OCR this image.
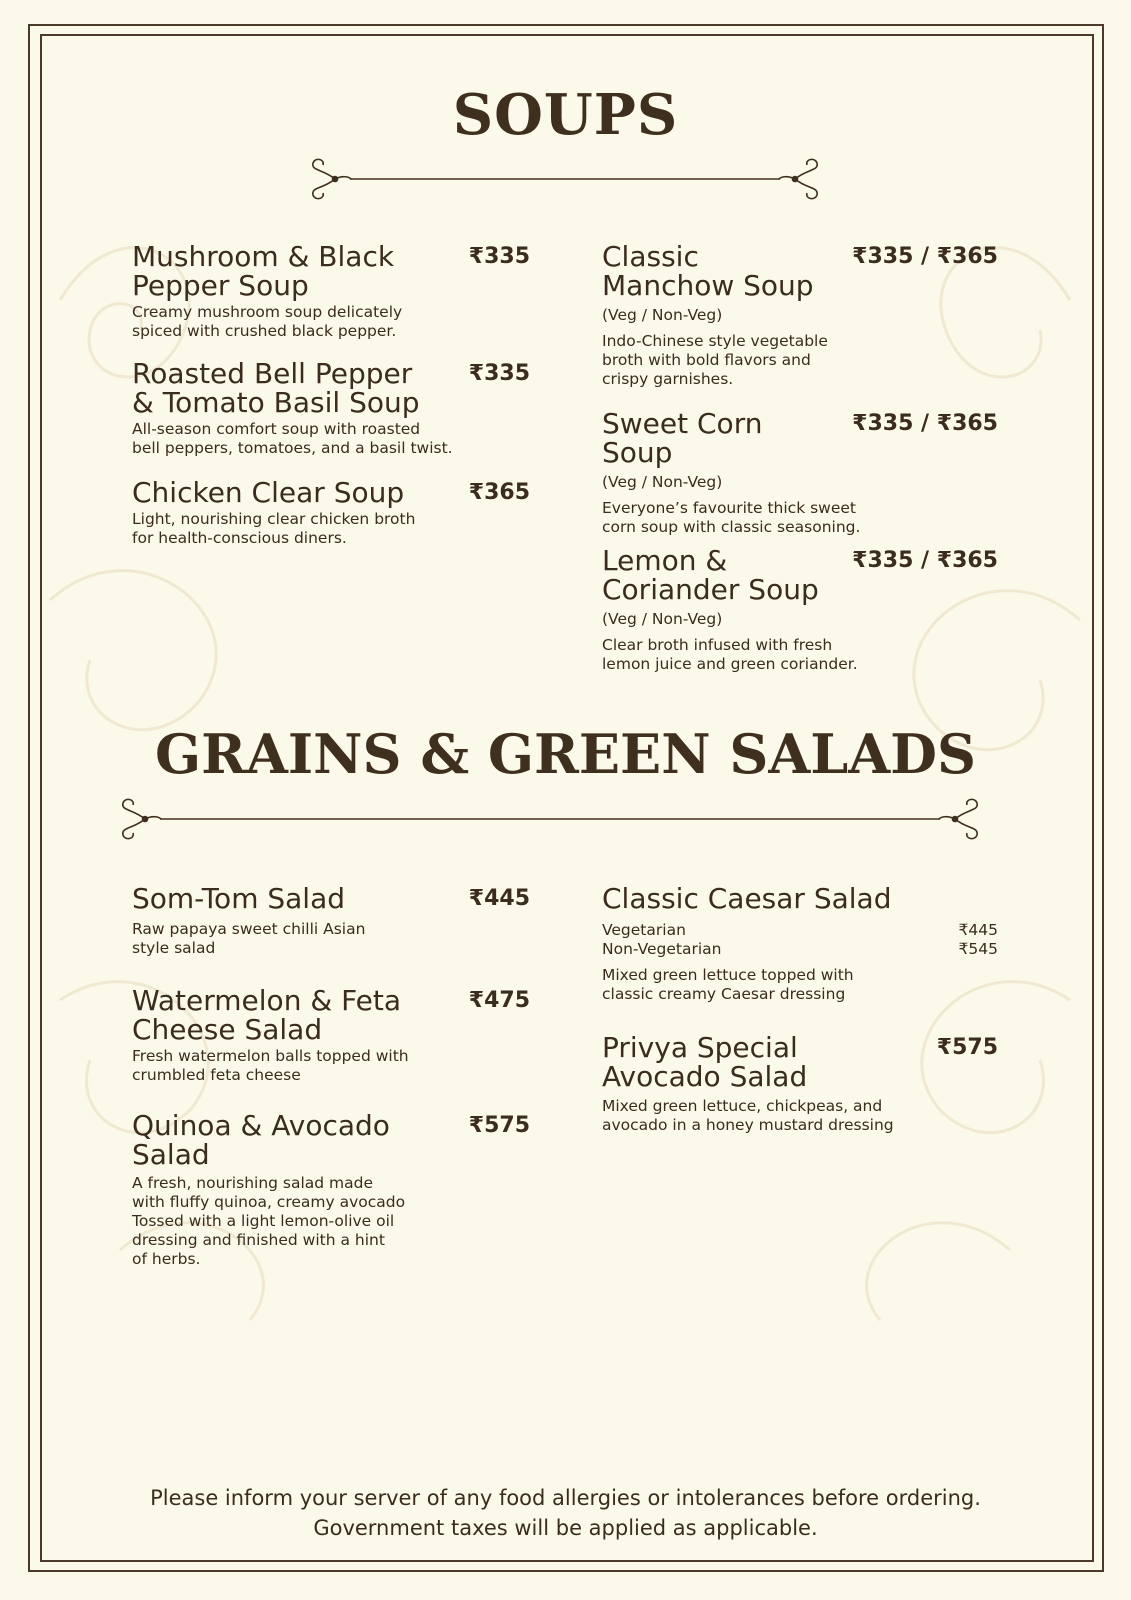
SOUPS
Mushroom & Black
Pepper Soup
₹335
Creamy mushroom soup delicately
spiced with crushed black pepper.
Roasted Bell Pepper
& Tomato Basil Soup
₹335
All-season comfort soup with roasted
bell peppers, tomatoes, and a basil twist.
Chicken Clear Soup	₹365
Light, nourishing clear chicken broth
for health-conscious diners.
Classic
Manchow Soup
₹335 / ₹365
(Veg / Non-Veg)
Indo-Chinese style vegetable
broth with bold flavors and
crispy garnishes.
Sweet Corn
Soup
₹335 / ₹365
(Veg / Non-Veg)
Everyone’s favourite thick sweet
corn soup with classic seasoning.
Lemon &
Coriander Soup
₹335 / ₹365
(Veg / Non-Veg)
Clear broth infused with fresh
lemon juice and green coriander.
GRAINS & GREEN SALADS
Som-Tom Salad	₹445
Raw papaya sweet chilli Asian
style salad
Watermelon & Feta
Cheese Salad
₹475
Fresh watermelon balls topped with
crumbled feta cheese
Quinoa & Avocado
Salad
₹575
A fresh, nourishing salad made
with fluffy quinoa, creamy avocado
Tossed with a light lemon-olive oil
dressing and finished with a hint
of herbs.
Classic Caesar Salad
Vegetarian	₹445
Non-Vegetarian	₹545
Mixed green lettuce topped with
classic creamy Caesar dressing
Privya Special
Avocado Salad
₹575
Mixed green lettuce, chickpeas, and
avocado in a honey mustard dressing
Please inform your server of any food allergies or intolerances before ordering.
Government taxes will be applied as applicable.
